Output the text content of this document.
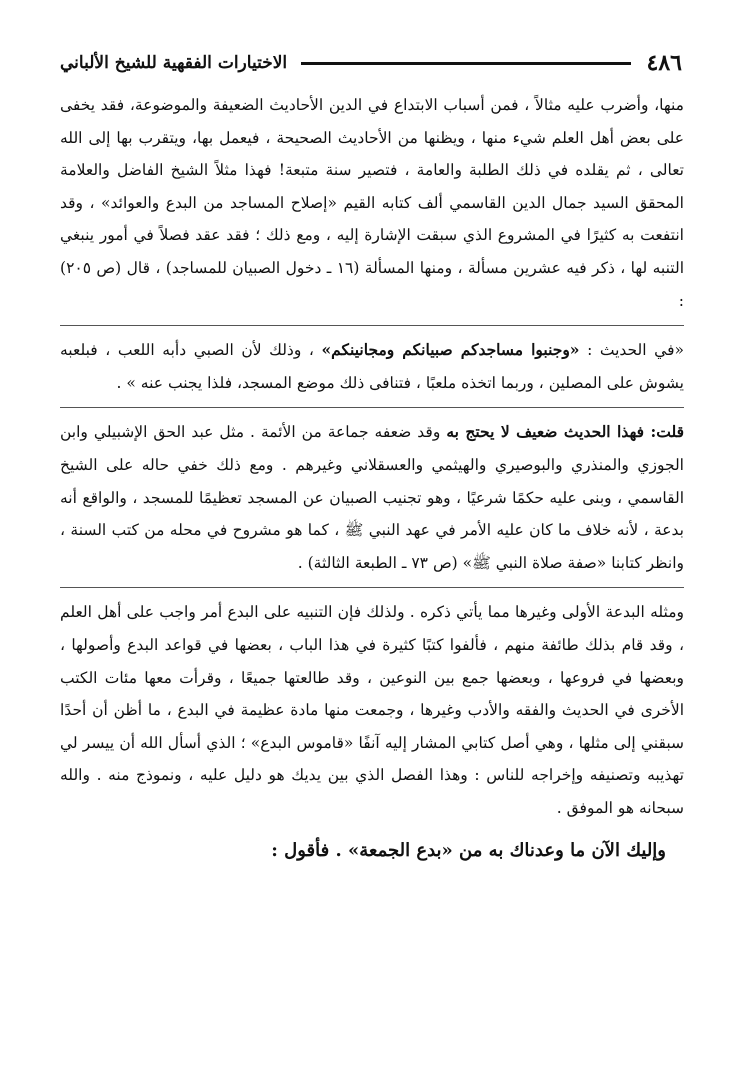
٤٨٦
الاختيارات الفقهية للشيخ الألباني

منها، وأضرب عليه مثالاً ، فمن أسباب الابتداع في الدين الأحاديث الضعيفة والموضوعة، فقد يخفى على بعض أهل العلم شيء منها ، ويظنها من الأحاديث الصحيحة ، فيعمل بها، ويتقرب بها إلى الله تعالى ، ثم يقلده في ذلك الطلبة والعامة ، فتصير سنة متبعة! فهذا مثلاً الشيخ الفاضل والعلامة المحقق السيد جمال الدين القاسمي ألف كتابه القيم «إصلاح المساجد من البدع والعوائد» ، وقد انتفعت به كثيرًا في المشروع الذي سبقت الإشارة إليه ، ومع ذلك ؛ فقد عقد فصلاً في أمور ينبغي التنبه لها ، ذكر فيه عشرين مسألة ، ومنها المسألة (١٦ ـ دخول الصبيان للمساجد) ، قال (ص ٢٠٥) :

«في الحديث : «وجنبوا مساجدكم صبيانكم ومجانينكم» ، وذلك لأن الصبي دأبه اللعب ، فبلعبه يشوش على المصلين ، وربما اتخذه ملعبًا ، فتنافى ذلك موضع المسجد، فلذا يجنب عنه » .

قلت: فهذا الحديث ضعيف لا يحتج به وقد ضعفه جماعة من الأئمة . مثل عبد الحق الإشبيلي وابن الجوزي والمنذري والبوصيري والهيثمي والعسقلاني وغيرهم . ومع ذلك خفي حاله على الشيخ القاسمي ، وبنى عليه حكمًا شرعيًا ، وهو تجنيب الصبيان عن المسجد تعظيمًا للمسجد ، والواقع أنه بدعة ، لأنه خلاف ما كان عليه الأمر في عهد النبي ﷺ ، كما هو مشروح في محله من كتب السنة ، وانظر كتابنا «صفة صلاة النبي ﷺ» (ص ٧٣ ـ الطبعة الثالثة) .

ومثله البدعة الأولى وغيرها مما يأتي ذكره . ولذلك فإن التنبيه على البدع أمر واجب على أهل العلم ، وقد قام بذلك طائفة منهم ، فألفوا كتبًا كثيرة في هذا الباب ، بعضها في قواعد البدع وأصولها ، وبعضها في فروعها ، وبعضها جمع بين النوعين ، وقد طالعتها جميعًا ، وقرأت معها مئات الكتب الأخرى في الحديث والفقه والأدب وغيرها ، وجمعت منها مادة عظيمة في البدع ، ما أظن أن أحدًا سبقني إلى مثلها ، وهي أصل كتابي المشار إليه آنفًا «قاموس البدع» ؛ الذي أسأل الله أن ييسر لي تهذيبه وتصنيفه وإخراجه للناس : وهذا الفصل الذي بين يديك هو دليل عليه ، ونموذج منه . والله سبحانه هو الموفق .

وإليك الآن ما وعدناك به من «بدع الجمعة» . فأقول :
